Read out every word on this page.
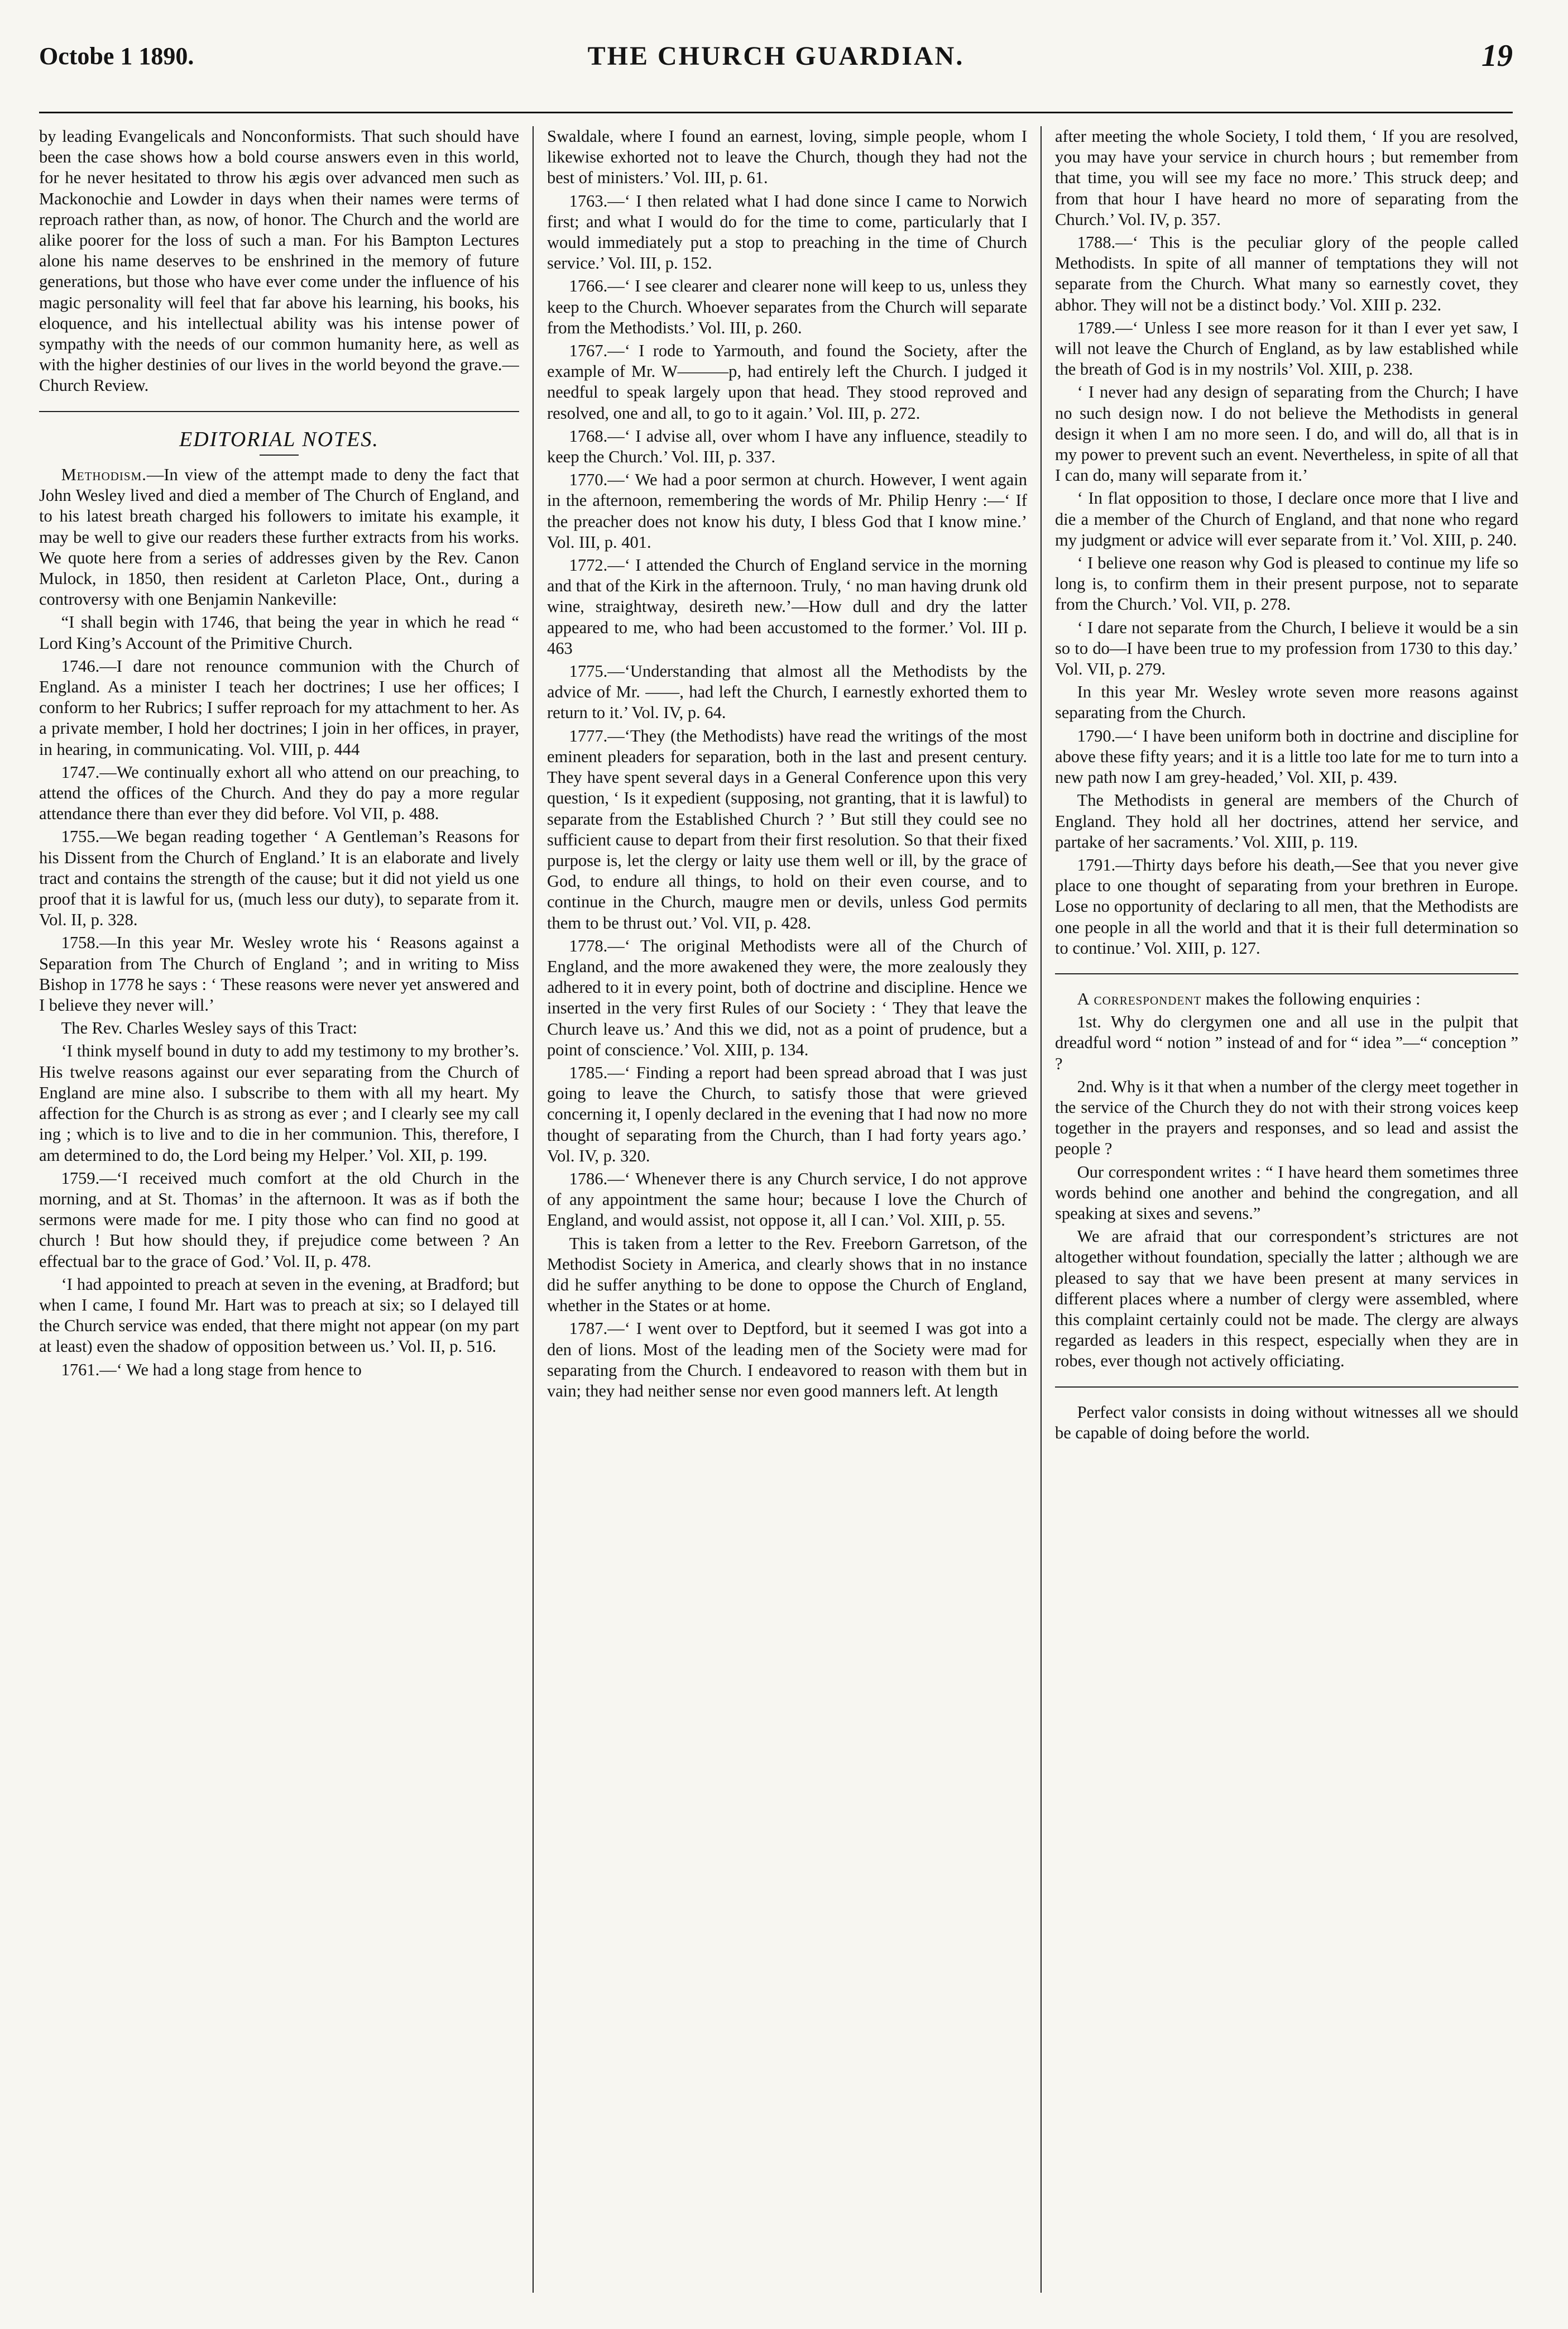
Octobe 1 1890.	THE CHURCH GUARDIAN.	19

by leading Evangelicals and Nonconformists. That such should have been the case shows how a bold course answers even in this world, for he never hesitated to throw his ægis over advanced men such as Mackonochie and Lowder in days when their names were terms of reproach rather than, as now, of honor. The Church and the world are alike poorer for the loss of such a man. For his Bampton Lectures alone his name deserves to be enshrined in the memory of future generations, but those who have ever come under the influence of his magic personality will feel that far above his learning, his books, his eloquence, and his intellectual ability was his intense power of sympathy with the needs of our common humanity here, as well as with the higher destinies of our lives in the world beyond the grave.—Church Review.

EDITORIAL NOTES.

Methodism.—In view of the attempt made to deny the fact that John Wesley lived and died a member of The Church of England, and to his latest breath charged his followers to imitate his example, it may be well to give our readers these further extracts from his works. We quote here from a series of addresses given by the Rev. Canon Mulock, in 1850, then resident at Carleton Place, Ont., during a controversy with one Benjamin Nankeville:

“I shall begin with 1746, that being the year in which he read “ Lord King’s Account of the Primitive Church.

1746.—I dare not renounce communion with the Church of England. As a minister I teach her doctrines; I use her offices; I conform to her Rubrics; I suffer reproach for my attachment to her. As a private member, I hold her doctrines; I join in her offices, in prayer, in hearing, in communicating. Vol. VIII, p. 444

1747.—We continually exhort all who attend on our preaching, to attend the offices of the Church. And they do pay a more regular attendance there than ever they did before. Vol VII, p. 488.

1755.—We began reading together ‘ A Gentleman’s Reasons for his Dissent from the Church of England.’ It is an elaborate and lively tract and contains the strength of the cause; but it did not yield us one proof that it is lawful for us, (much less our duty), to separate from it. Vol. II, p. 328.

1758.—In this year Mr. Wesley wrote his ‘ Reasons against a Separation from The Church of England ’; and in writing to Miss Bishop in 1778 he says : ‘ These reasons were never yet answered and I believe they never will.’

The Rev. Charles Wesley says of this Tract:

‘I think myself bound in duty to add my testimony to my brother’s. His twelve reasons against our ever separating from the Church of England are mine also. I subscribe to them with all my heart. My affection for the Church is as strong as ever ; and I clearly see my call ing ; which is to live and to die in her communion. This, therefore, I am determined to do, the Lord being my Helper.’ Vol. XII, p. 199.

1759.—‘I received much comfort at the old Church in the morning, and at St. Thomas’ in the afternoon. It was as if both the sermons were made for me. I pity those who can find no good at church ! But how should they, if prejudice come between ? An effectual bar to the grace of God.’ Vol. II, p. 478.

‘I had appointed to preach at seven in the evening, at Bradford; but when I came, I found Mr. Hart was to preach at six; so I delayed till the Church service was ended, that there might not appear (on my part at least) even the shadow of opposition between us.’ Vol. II, p. 516.

1761.—‘ We had a long stage from hence to

Swaldale, where I found an earnest, loving, simple people, whom I likewise exhorted not to leave the Church, though they had not the best of ministers.’ Vol. III, p. 61.

1763.—‘ I then related what I had done since I came to Norwich first; and what I would do for the time to come, particularly that I would immediately put a stop to preaching in the time of Church service.’ Vol. III, p. 152.

1766.—‘ I see clearer and clearer none will keep to us, unless they keep to the Church. Whoever separates from the Church will separate from the Methodists.’ Vol. III, p. 260.

1767.—‘ I rode to Yarmouth, and found the Society, after the example of Mr. W———p, had entirely left the Church. I judged it needful to speak largely upon that head. They stood reproved and resolved, one and all, to go to it again.’ Vol. III, p. 272.

1768.—‘ I advise all, over whom I have any influence, steadily to keep the Church.’ Vol. III, p. 337.

1770.—‘ We had a poor sermon at church. However, I went again in the afternoon, remembering the words of Mr. Philip Henry :—‘ If the preacher does not know his duty, I bless God that I know mine.’ Vol. III, p. 401.

1772.—‘ I attended the Church of England service in the morning and that of the Kirk in the afternoon. Truly, ‘ no man having drunk old wine, straightway, desireth new.’—How dull and dry the latter appeared to me, who had been accustomed to the former.’ Vol. III p. 463

1775.—‘Understanding that almost all the Methodists by the advice of Mr. ——, had left the Church, I earnestly exhorted them to return to it.’ Vol. IV, p. 64.

1777.—‘They (the Methodists) have read the writings of the most eminent pleaders for separation, both in the last and present century. They have spent several days in a General Conference upon this very question, ‘ Is it expedient (supposing, not granting, that it is lawful) to separate from the Established Church ? ’ But still they could see no sufficient cause to depart from their first resolution. So that their fixed purpose is, let the clergy or laity use them well or ill, by the grace of God, to endure all things, to hold on their even course, and to continue in the Church, maugre men or devils, unless God permits them to be thrust out.’ Vol. VII, p. 428.

1778.—‘ The original Methodists were all of the Church of England, and the more awakened they were, the more zealously they adhered to it in every point, both of doctrine and discipline. Hence we inserted in the very first Rules of our Society : ‘ They that leave the Church leave us.’ And this we did, not as a point of prudence, but a point of conscience.’ Vol. XIII, p. 134.

1785.—‘ Finding a report had been spread abroad that I was just going to leave the Church, to satisfy those that were grieved concerning it, I openly declared in the evening that I had now no more thought of separating from the Church, than I had forty years ago.’ Vol. IV, p. 320.

1786.—‘ Whenever there is any Church service, I do not approve of any appointment the same hour; because I love the Church of England, and would assist, not oppose it, all I can.’ Vol. XIII, p. 55.

This is taken from a letter to the Rev. Freeborn Garretson, of the Methodist Society in America, and clearly shows that in no instance did he suffer anything to be done to oppose the Church of England, whether in the States or at home.

1787.—‘ I went over to Deptford, but it seemed I was got into a den of lions. Most of the leading men of the Society were mad for separating from the Church. I endeavored to reason with them but in vain; they had neither sense nor even good manners left. At length

after meeting the whole Society, I told them, ‘ If you are resolved, you may have your service in church hours ; but remember from that time, you will see my face no more.’ This struck deep; and from that hour I have heard no more of separating from the Church.’ Vol. IV, p. 357.

1788.—‘ This is the peculiar glory of the people called Methodists. In spite of all manner of temptations they will not separate from the Church. What many so earnestly covet, they abhor. They will not be a distinct body.’ Vol. XIII p. 232.

1789.—‘ Unless I see more reason for it than I ever yet saw, I will not leave the Church of England, as by law established while the breath of God is in my nostrils’ Vol. XIII, p. 238.

‘ I never had any design of separating from the Church; I have no such design now. I do not believe the Methodists in general design it when I am no more seen. I do, and will do, all that is in my power to prevent such an event. Nevertheless, in spite of all that I can do, many will separate from it.’

‘ In flat opposition to those, I declare once more that I live and die a member of the Church of England, and that none who regard my judgment or advice will ever separate from it.’ Vol. XIII, p. 240.

‘ I believe one reason why God is pleased to continue my life so long is, to confirm them in their present purpose, not to separate from the Church.’ Vol. VII, p. 278.

‘ I dare not separate from the Church, I believe it would be a sin so to do—I have been true to my profession from 1730 to this day.’ Vol. VII, p. 279.

In this year Mr. Wesley wrote seven more reasons against separating from the Church.

1790.—‘ I have been uniform both in doctrine and discipline for above these fifty years; and it is a little too late for me to turn into a new path now I am grey-headed,’ Vol. XII, p. 439.

The Methodists in general are members of the Church of England. They hold all her doctrines, attend her service, and partake of her sacraments.’ Vol. XIII, p. 119.

1791.—Thirty days before his death,—See that you never give place to one thought of separating from your brethren in Europe. Lose no opportunity of declaring to all men, that the Methodists are one people in all the world and that it is their full determination so to continue.’ Vol. XIII, p. 127.

A correspondent makes the following enquiries :

1st. Why do clergymen one and all use in the pulpit that dreadful word “ notion ” instead of and for “ idea ”—“ conception ” ?

2nd. Why is it that when a number of the clergy meet together in the service of the Church they do not with their strong voices keep together in the prayers and responses, and so lead and assist the people ?

Our correspondent writes : “ I have heard them sometimes three words behind one another and behind the congregation, and all speaking at sixes and sevens.”

We are afraid that our correspondent’s strictures are not altogether without foundation, specially the latter ; although we are pleased to say that we have been present at many services in different places where a number of clergy were assembled, where this complaint certainly could not be made. The clergy are always regarded as leaders in this respect, especially when they are in robes, ever though not actively officiating.

Perfect valor consists in doing without witnesses all we should be capable of doing before the world.
